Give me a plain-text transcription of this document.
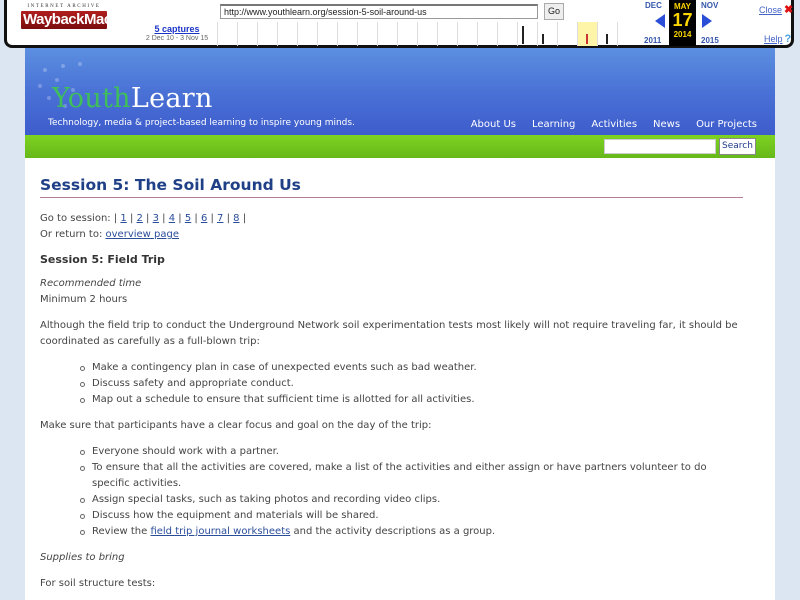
INTERNET ARCHIVE
WaybackMachine	http://www.youthlearn.org/session-5-soil-around-us	Go
5 captures
2 Dec 10 - 3 Nov 15
DEC
2011
MAY
17
2014
NOV
2015
Close ✖
Help ?
YouthLearn
Technology, media & project-based learning to inspire young minds.	About Us Learning Activities News Our Projects
Search
Session 5: The Soil Around Us
Go to session: | 1 | 2 | 3 | 4 | 5 | 6 | 7 | 8 |
Or return to: overview page
Session 5: Field Trip
Recommended time
Minimum 2 hours

Although the field trip to conduct the Underground Network soil experimentation tests most likely will not require traveling far, it should be coordinated as carefully as a full-blown trip:

Make a contingency plan in case of unexpected events such as bad weather.
Discuss safety and appropriate conduct.
Map out a schedule to ensure that sufficient time is allotted for all activities.

Make sure that participants have a clear focus and goal on the day of the trip:

Everyone should work with a partner.
To ensure that all the activities are covered, make a list of the activities and either assign or have partners volunteer to do specific activities.
Assign special tasks, such as taking photos and recording video clips.
Discuss how the equipment and materials will be shared.
Review the field trip journal worksheets and the activity descriptions as a group.
Supplies to bring
For soil structure tests:
